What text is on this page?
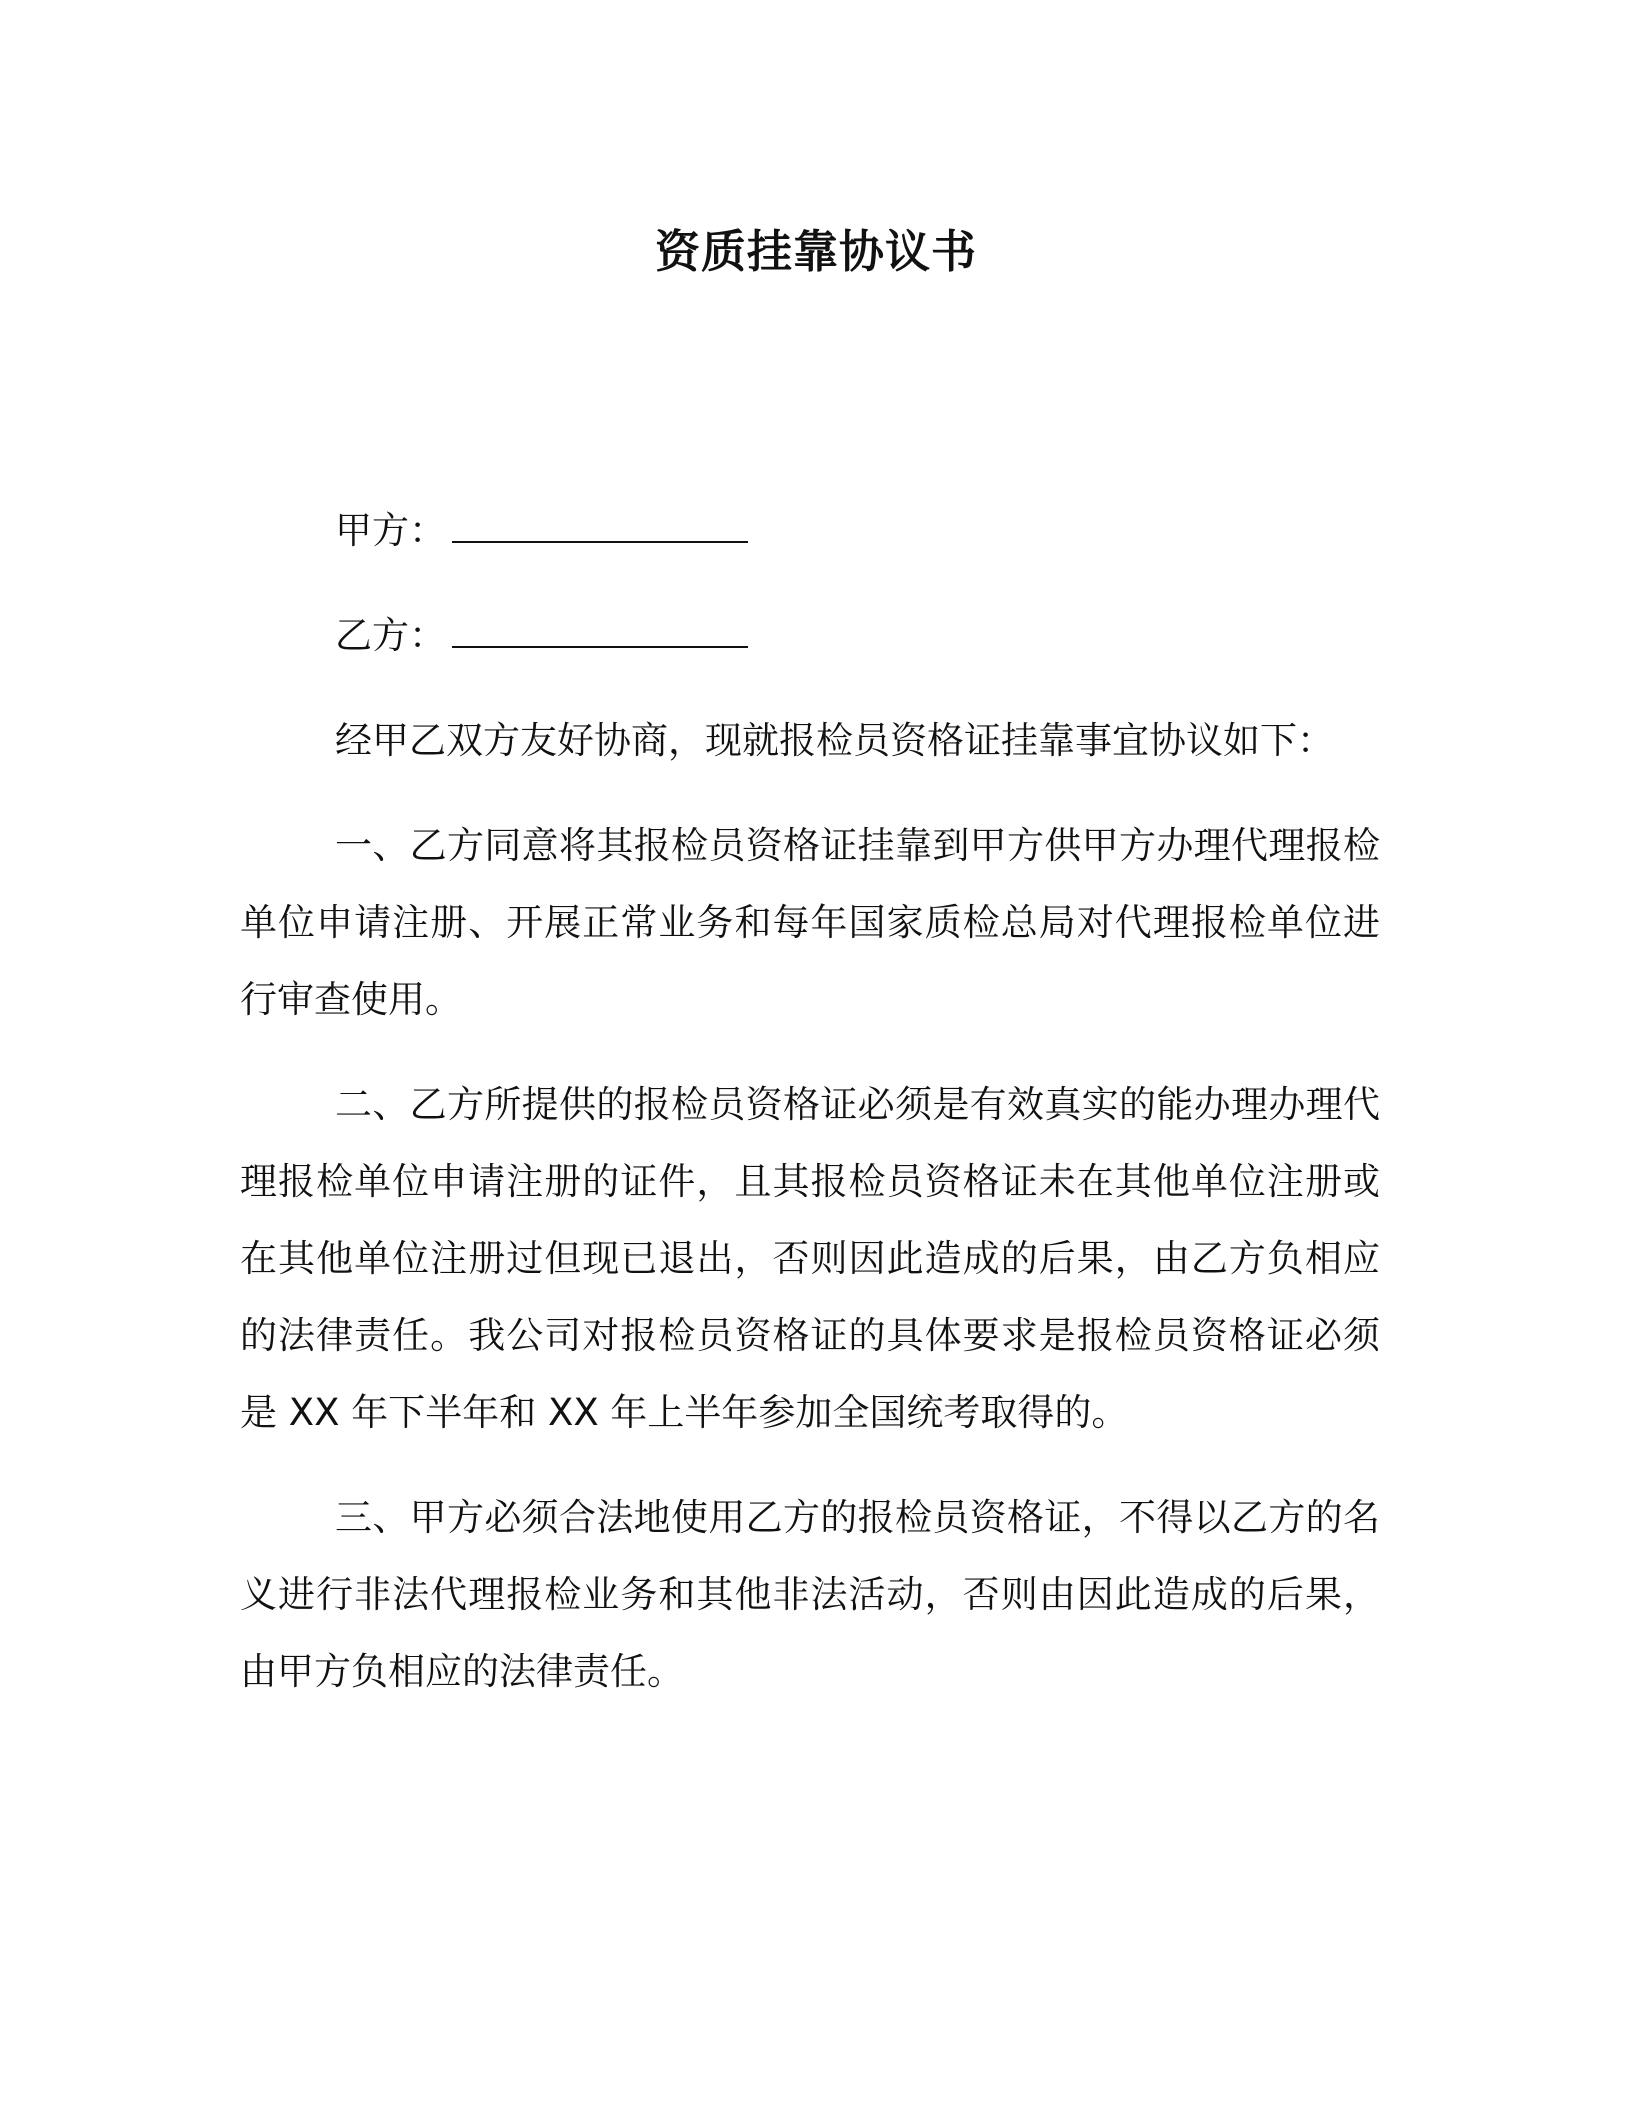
资质挂靠协议书
甲方：
乙方：

经甲乙双方友好协商，现就报检员资格证挂靠事宜协议如下：

一、乙方同意将其报检员资格证挂靠到甲方供甲方办理代理报检单位申请注册、开展正常业务和每年国家质检总局对代理报检单位进行审查使用。

二、乙方所提供的报检员资格证必须是有效真实的能办理办理代理报检单位申请注册的证件，且其报检员资格证未在其他单位注册或在其他单位注册过但现已退出，否则因此造成的后果，由乙方负相应的法律责任。我公司对报检员资格证的具体要求是报检员资格证必须是 XX 年下半年和 XX 年上半年参加全国统考取得的。

三、甲方必须合法地使用乙方的报检员资格证，不得以乙方的名义进行非法代理报检业务和其他非法活动，否则由因此造成的后果，由甲方负相应的法律责任。
